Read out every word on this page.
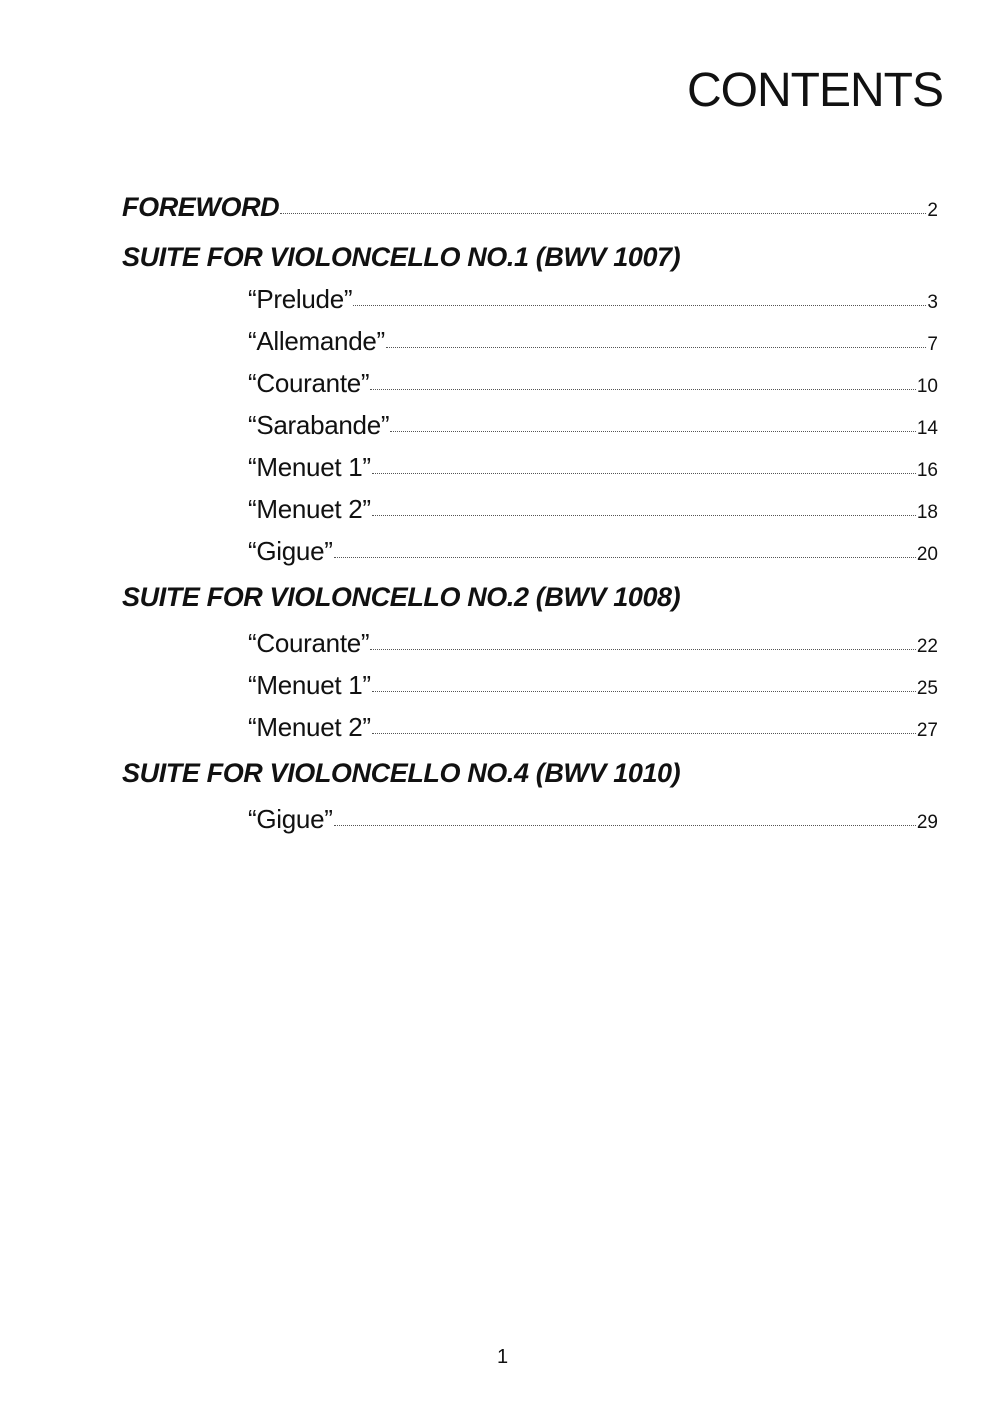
CONTENTS
FOREWORD	2
SUITE FOR VIOLONCELLO NO.1 (BWV 1007)
“Prelude”	3
“Allemande”	7
“Courante”	10
“Sarabande”	14
“Menuet 1”	16
“Menuet 2”	18
“Gigue”	20
SUITE FOR VIOLONCELLO NO.2 (BWV 1008)
“Courante”	22
“Menuet 1”	25
“Menuet 2”	27
SUITE FOR VIOLONCELLO NO.4 (BWV 1010)
“Gigue”	29
1
